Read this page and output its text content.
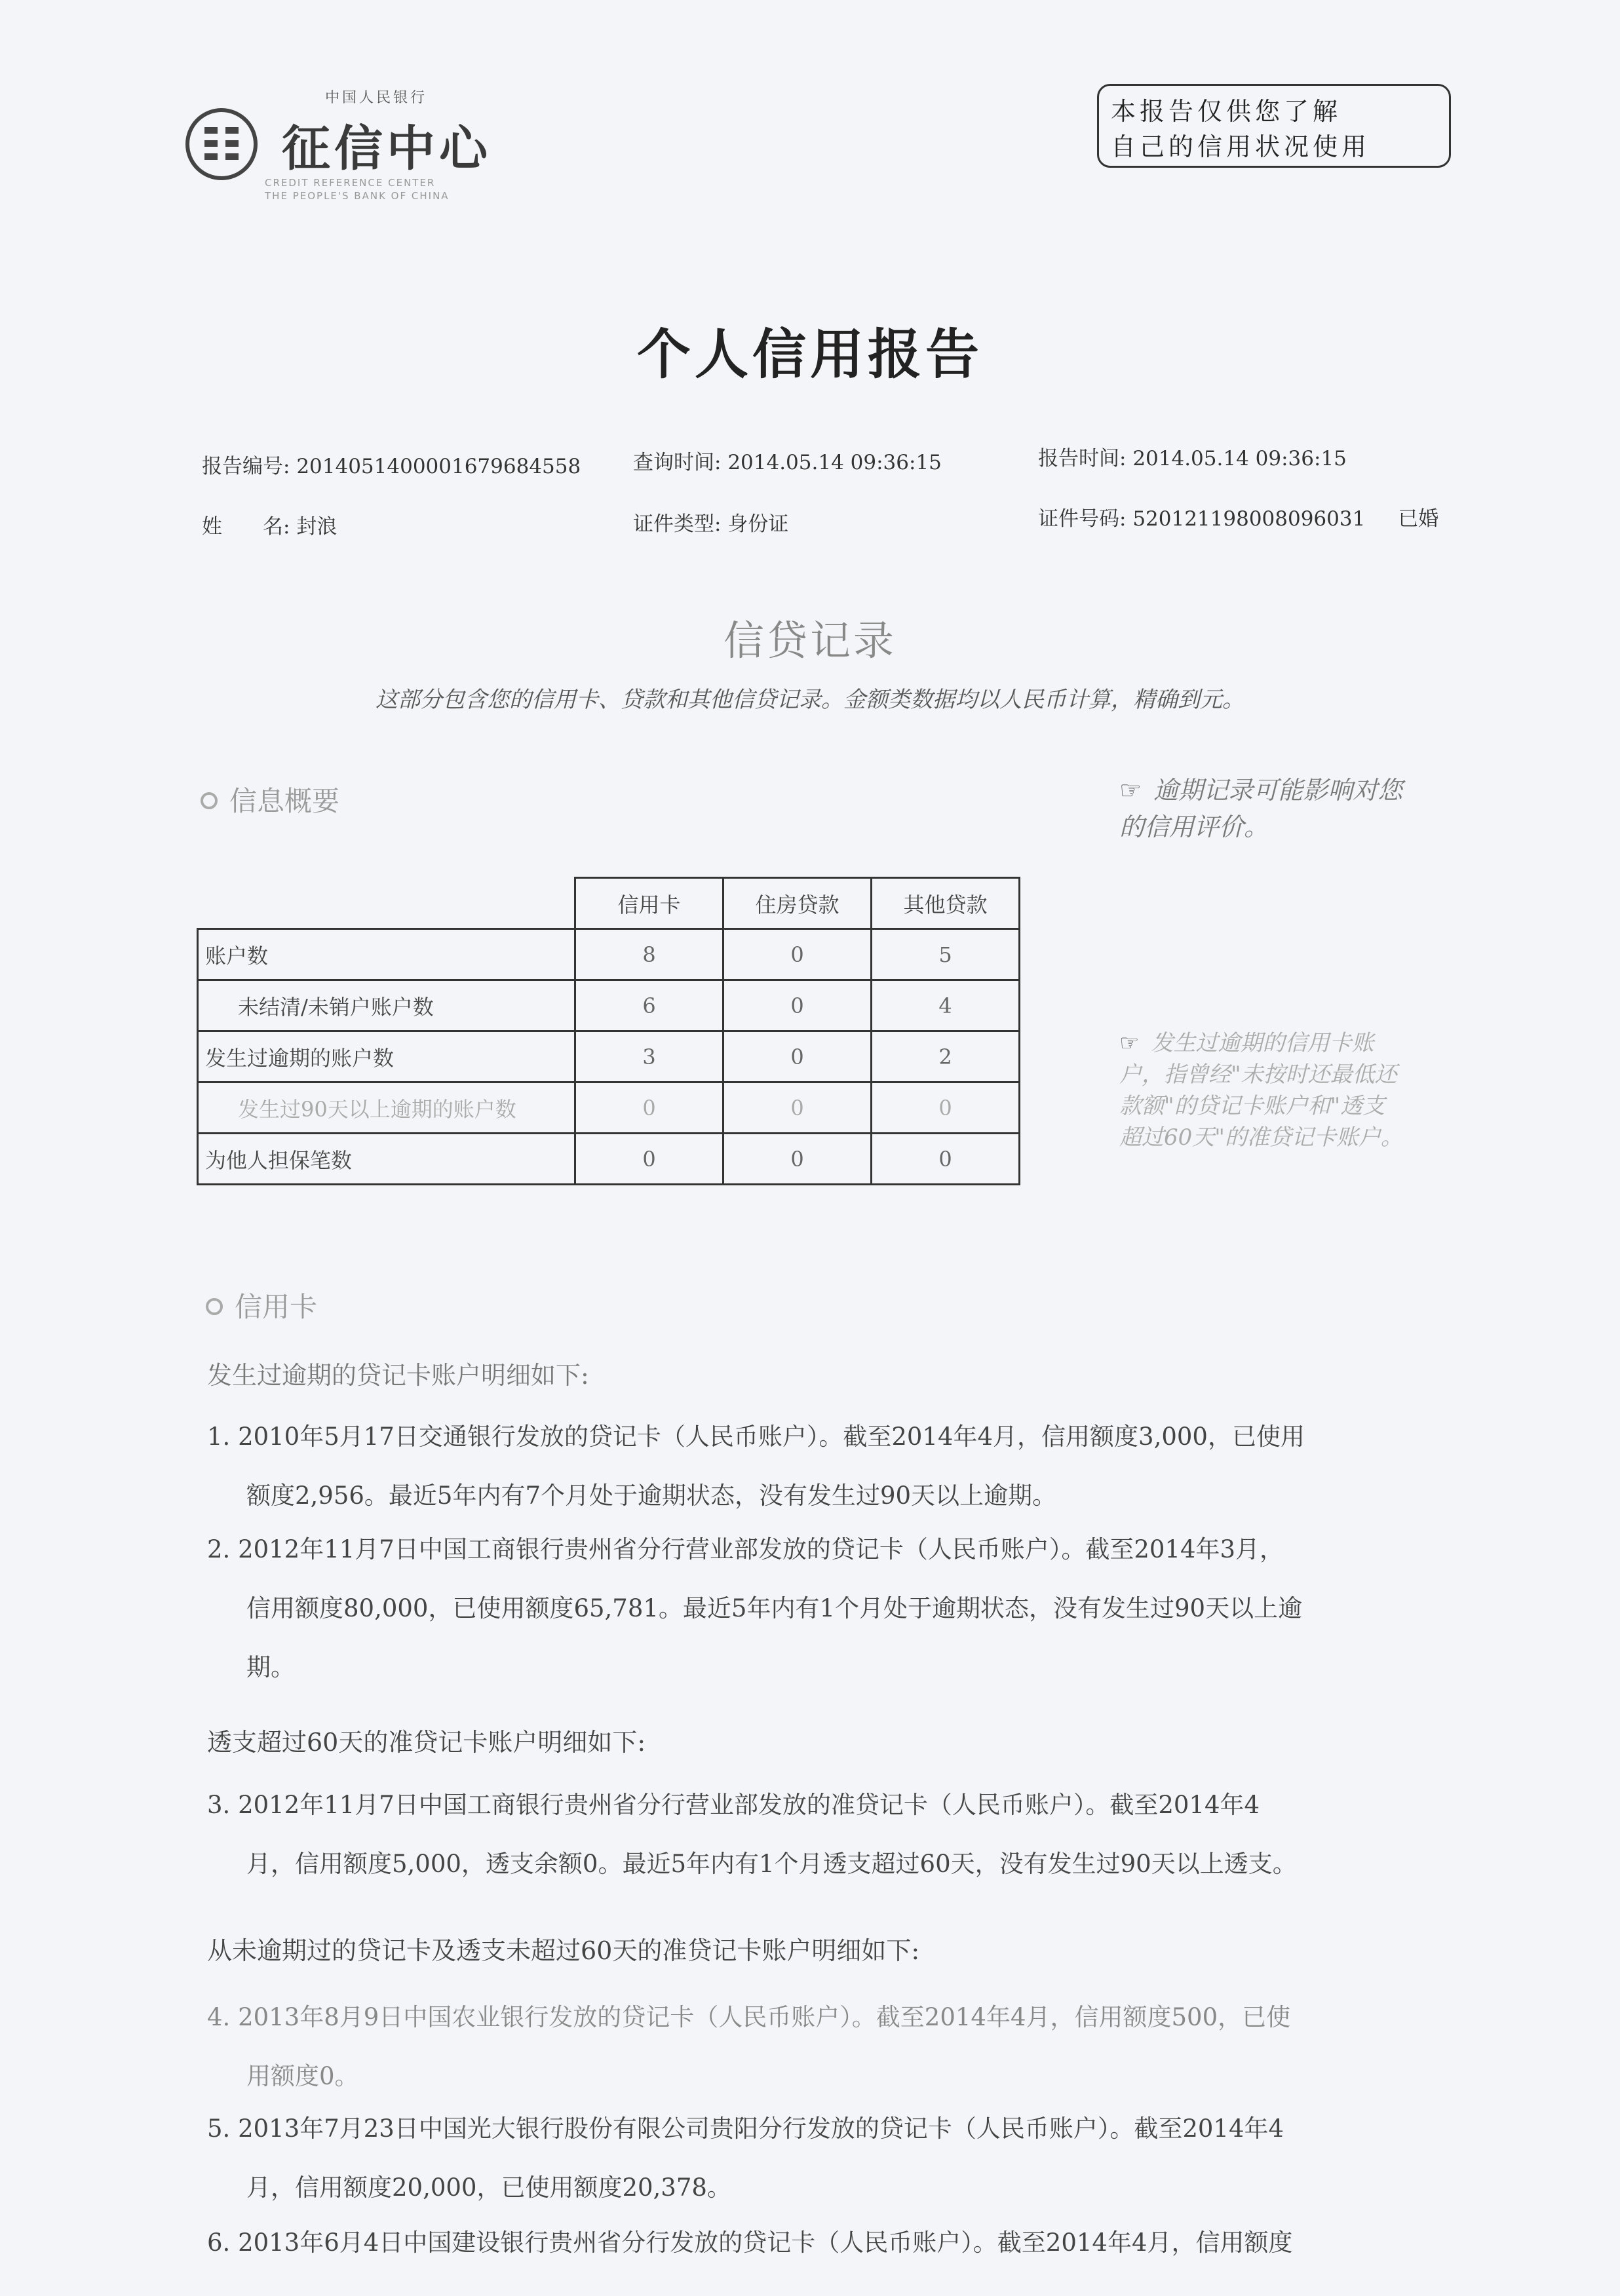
中国人民银行
征信中心
CREDIT REFERENCE CENTER
THE PEOPLE'S BANK OF CHINA
本报告仅供您了解
自己的信用状况使用
个人信用报告
报告编号: 2014051400001679684558	查询时间: 2014.05.14 09:36:15	报告时间: 2014.05.14 09:36:15
姓　　名: 封浪	证件类型: 身份证	证件号码: 520121198008096031 已婚
信贷记录
这部分包含您的信用卡、贷款和其他信贷记录。金额类数据均以人民币计算，精确到元。
信息概要	☞ 逾期记录可能影响对您
的信用评价。
☞ 发生过逾期的信用卡账
户，指曾经"未按时还最低还
款额"的贷记卡账户和"透支
超过60天"的准贷记卡账户。
	信用卡	住房贷款	其他贷款
账户数	8	0	5
未结清/未销户账户数	6	0	4
发生过逾期的账户数	3	0	2
发生过90天以上逾期的账户数	0	0	0
为他人担保笔数	0	0	0
信用卡
发生过逾期的贷记卡账户明细如下:
1. 2010年5月17日交通银行发放的贷记卡（人民币账户）。截至2014年4月，信用额度3,000，已使用
额度2,956。最近5年内有7个月处于逾期状态，没有发生过90天以上逾期。
2. 2012年11月7日中国工商银行贵州省分行营业部发放的贷记卡（人民币账户）。截至2014年3月，
信用额度80,000，已使用额度65,781。最近5年内有1个月处于逾期状态，没有发生过90天以上逾
期。
透支超过60天的准贷记卡账户明细如下:
3. 2012年11月7日中国工商银行贵州省分行营业部发放的准贷记卡（人民币账户）。截至2014年4
月，信用额度5,000，透支余额0。最近5年内有1个月透支超过60天，没有发生过90天以上透支。
从未逾期过的贷记卡及透支未超过60天的准贷记卡账户明细如下:
4. 2013年8月9日中国农业银行发放的贷记卡（人民币账户）。截至2014年4月，信用额度500，已使
用额度0。
5. 2013年7月23日中国光大银行股份有限公司贵阳分行发放的贷记卡（人民币账户）。截至2014年4
月，信用额度20,000，已使用额度20,378。
6. 2013年6月4日中国建设银行贵州省分行发放的贷记卡（人民币账户）。截至2014年4月，信用额度
